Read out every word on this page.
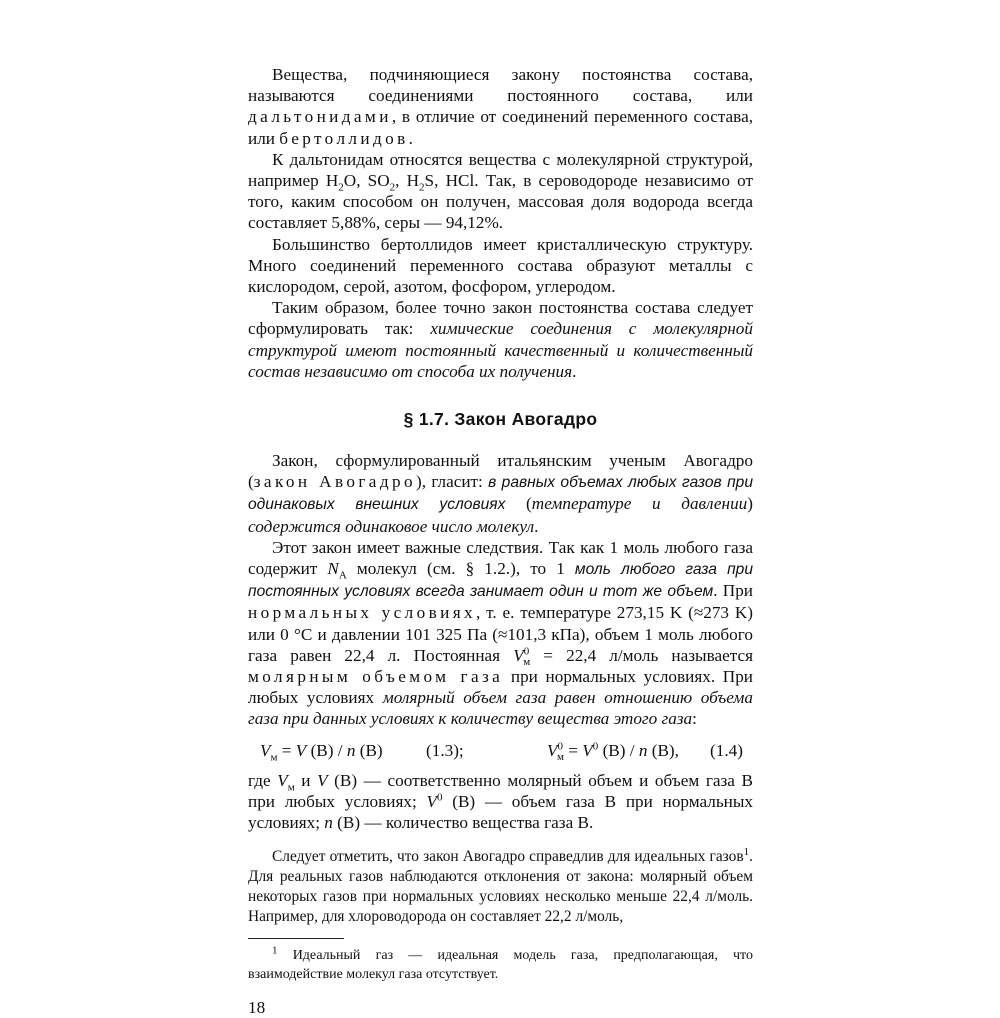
Вещества, подчиняющиеся закону постоянства состава, называются соединениями постоянного состава, или дальтонидами, в отличие от соединений переменного состава, или бертоллидов.

К дальтонидам относятся вещества с молекулярной структурой, например $H_2O$, $SO_2$, $H_2S$, HCl. Так, в сероводороде независимо от того, каким способом он получен, массовая доля водорода всегда составляет 5,88%, серы — 94,12%.

Большинство бертоллидов имеет кристаллическую структуру. Много соединений переменного состава образуют металлы с кислородом, серой, азотом, фосфором, углеродом.

Таким образом, более точно закон постоянства состава следует сформулировать так: химические соединения с молекулярной структурой имеют постоянный качественный и количественный состав независимо от способа их получения.

§ 1.7. Закон Авогадро

Закон, сформулированный итальянским ученым Авогадро (закон Авогадро), гласит: в равных объемах любых газов при одинаковых внешних условиях (температуре и давлении) содержится одинаковое число молекул.

Этот закон имеет важные следствия. Так как 1 моль любого газа содержит $N_A$ молекул (см. § 1.2.), то 1 моль любого газа при постоянных условиях всегда занимает один и тот же объем. При нормальных условиях, т. е. температуре 273,15 K (≈273 K) или 0 °С и давлении 101 325 Па (≈101,3 кПа), объем 1 моль любого газа равен 22,4 л. Постоянная $V^0_м = 22,4$ л/моль называется молярным объемом газа при нормальных условиях. При любых условиях молярный объем газа равен отношению объема газа при данных условиях к количеству вещества этого газа:

$V_м = V$ (В) / n (В)	(1.3);	$V^0_м = V^0$ (В) / n (В), (1.4)

где $V_м$ и V (В) — соответственно молярный объем и объем газа В при любых условиях; $V^0$ (В) — объем газа В при нормальных условиях; n (В) — количество вещества газа В.

Следует отметить, что закон Авогадро справедлив для идеальных газов$^1$. Для реальных газов наблюдаются отклонения от закона: молярный объем некоторых газов при нормальных условиях несколько меньше 22,4 л/моль. Например, для хлороводорода он составляет 22,2 л/моль,

$^1$ Идеальный газ — идеальная модель газа, предполагающая, что взаимодействие молекул газа отсутствует.

18
